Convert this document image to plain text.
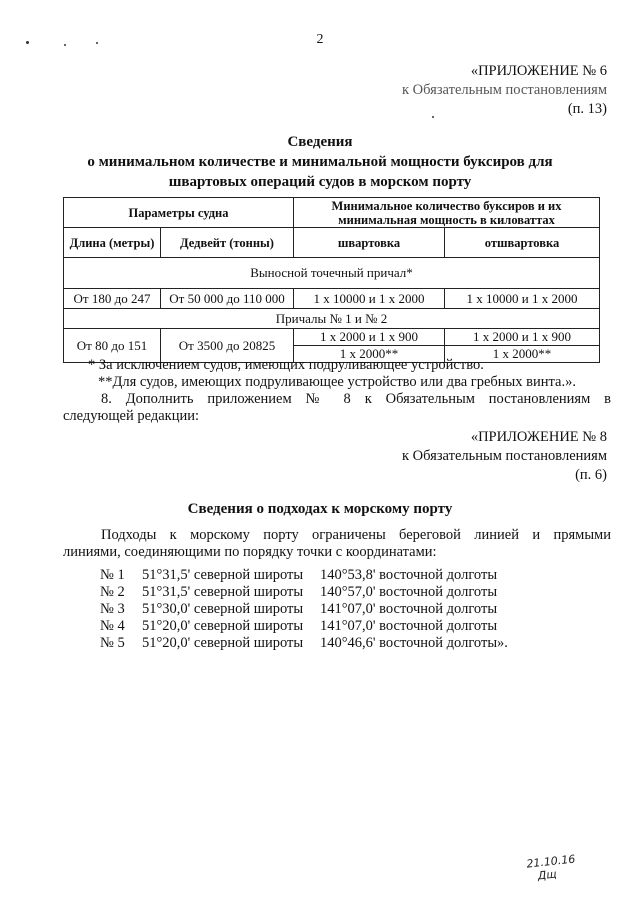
2
«ПРИЛОЖЕНИЕ № 6
к Обязательным постановлениям
(п. 13)
Сведения
о минимальном количестве и минимальной мощности буксиров для
швартовых операций судов в морском порту
Параметры судна		Минимальное количество буксиров и их минимальная мощность в киловаттах	
Длина (метры)	Дедвейт (тонны)	швартовка	отшвартовка
Выносной точечный причал*			
От 180 до 247	От 50 000 до 110 000	1 х 10000 и 1 х 2000	1 х 10000 и 1 х 2000
Причалы № 1 и № 2			
От 80 до 151	От 3500 до 20825	1 х 2000 и 1 х 900	1 х 2000 и 1 х 900
		1 х 2000**	1 х 2000**

* За исключением судов, имеющих подруливающее устройство.

**Для судов, имеющих подруливающее устройство или два гребных винта.».

8. Дополнить приложением № 8 к Обязательным постановлениям в

следующей редакции:

«ПРИЛОЖЕНИЕ № 8
к Обязательным постановлениям
(п. 6)
Сведения о подходах к морскому порту

Подходы к морскому порту ограничены береговой линией и прямыми

линиями, соединяющими по порядку точки с координатами:

№ 1	51°31,5' северной широты	140°53,8' восточной долготы
№ 2	51°31,5' северной широты	140°57,0' восточной долготы
№ 3	51°30,0' северной широты	141°07,0' восточной долготы
№ 4	51°20,0' северной широты	141°07,0' восточной долготы
№ 5	51°20,0' северной широты	140°46,6' восточной долготы».
21.10.16
Дщ
